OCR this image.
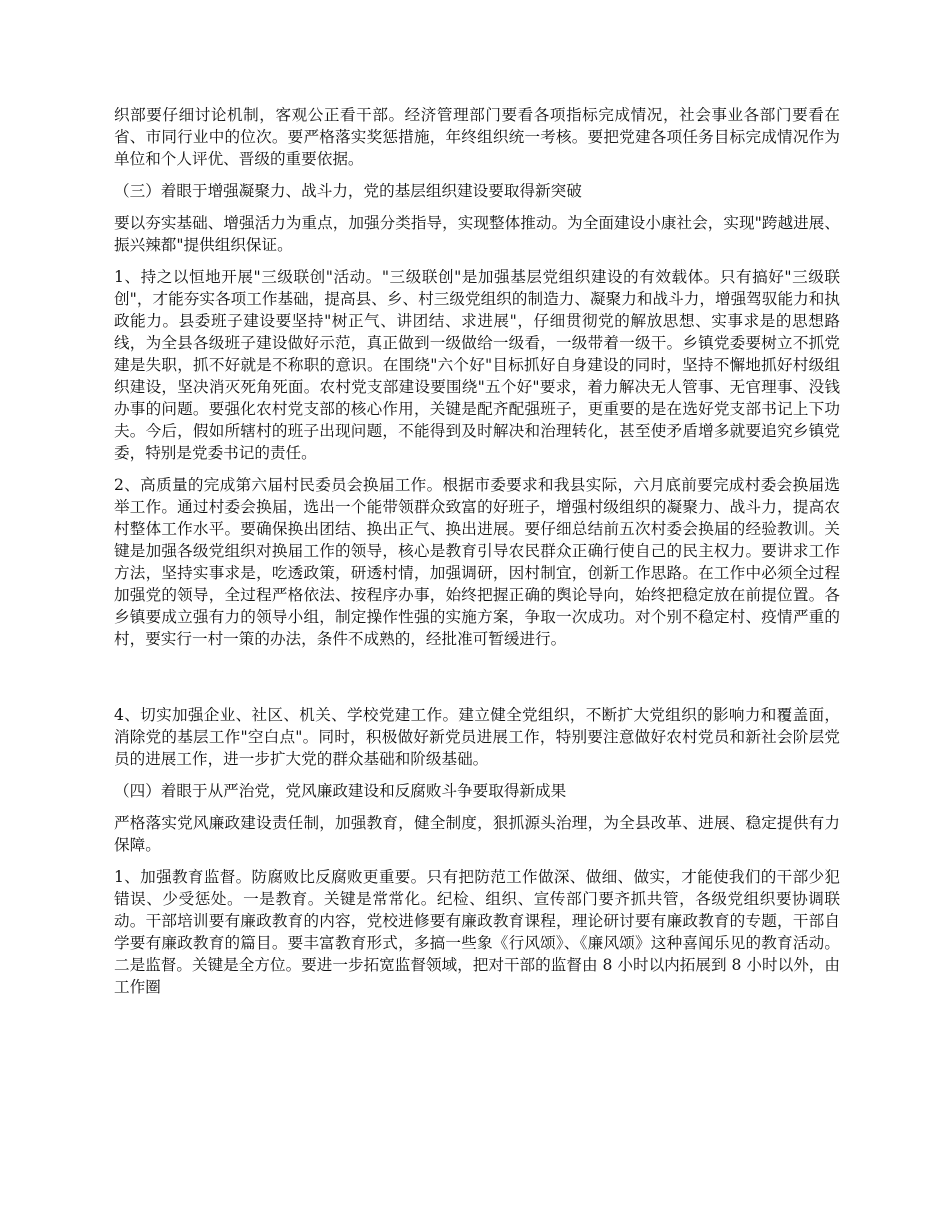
织部要仔细讨论机制，客观公正看干部。经济管理部门要看各项指标完成情况，社会事业各部门要看在省、市同行业中的位次。要严格落实奖惩措施，年终组织统一考核。要把党建各项任务目标完成情况作为单位和个人评优、晋级的重要依据。

（三）着眼于增强凝聚力、战斗力，党的基层组织建设要取得新突破

要以夯实基础、增强活力为重点，加强分类指导，实现整体推动。为全面建设小康社会，实现"跨越进展、振兴辣都"提供组织保证。

1、持之以恒地开展"三级联创"活动。"三级联创"是加强基层党组织建设的有效载体。只有搞好"三级联创"，才能夯实各项工作基础，提高县、乡、村三级党组织的制造力、凝聚力和战斗力，增强驾驭能力和执政能力。县委班子建设要坚持"树正气、讲团结、求进展"，仔细贯彻党的解放思想、实事求是的思想路线，为全县各级班子建设做好示范，真正做到一级做给一级看，一级带着一级干。乡镇党委要树立不抓党建是失职，抓不好就是不称职的意识。在围绕"六个好"目标抓好自身建设的同时，坚持不懈地抓好村级组织建设，坚决消灭死角死面。农村党支部建设要围绕"五个好"要求，着力解决无人管事、无官理事、没钱办事的问题。要强化农村党支部的核心作用，关键是配齐配强班子，更重要的是在选好党支部书记上下功夫。今后，假如所辖村的班子出现问题，不能得到及时解决和治理转化，甚至使矛盾增多就要追究乡镇党委，特别是党委书记的责任。

2、高质量的完成第六届村民委员会换届工作。根据市委要求和我县实际，六月底前要完成村委会换届选举工作。通过村委会换届，选出一个能带领群众致富的好班子，增强村级组织的凝聚力、战斗力，提高农村整体工作水平。要确保换出团结、换出正气、换出进展。要仔细总结前五次村委会换届的经验教训。关键是加强各级党组织对换届工作的领导，核心是教育引导农民群众正确行使自己的民主权力。要讲求工作方法，坚持实事求是，吃透政策，研透村情，加强调研，因村制宜，创新工作思路。在工作中必须全过程加强党的领导，全过程严格依法、按程序办事，始终把握正确的舆论导向，始终把稳定放在前提位置。各乡镇要成立强有力的领导小组，制定操作性强的实施方案，争取一次成功。对个别不稳定村、疫情严重的村，要实行一村一策的办法，条件不成熟的，经批准可暂缓进行。

4、切实加强企业、社区、机关、学校党建工作。建立健全党组织，不断扩大党组织的影响力和覆盖面，消除党的基层工作"空白点"。同时，积极做好新党员进展工作，特别要注意做好农村党员和新社会阶层党员的进展工作，进一步扩大党的群众基础和阶级基础。

（四）着眼于从严治党，党风廉政建设和反腐败斗争要取得新成果

严格落实党风廉政建设责任制，加强教育，健全制度，狠抓源头治理，为全县改革、进展、稳定提供有力保障。

1、加强教育监督。防腐败比反腐败更重要。只有把防范工作做深、做细、做实，才能使我们的干部少犯错误、少受惩处。一是教育。关键是常常化。纪检、组织、宣传部门要齐抓共管，各级党组织要协调联动。干部培训要有廉政教育的内容，党校进修要有廉政教育课程，理论研讨要有廉政教育的专题，干部自学要有廉政教育的篇目。要丰富教育形式，多搞一些象《行风颂》、《廉风颂》这种喜闻乐见的教育活动。二是监督。关键是全方位。要进一步拓宽监督领域，把对干部的监督由 8 小时以内拓展到 8 小时以外，由工作圈
